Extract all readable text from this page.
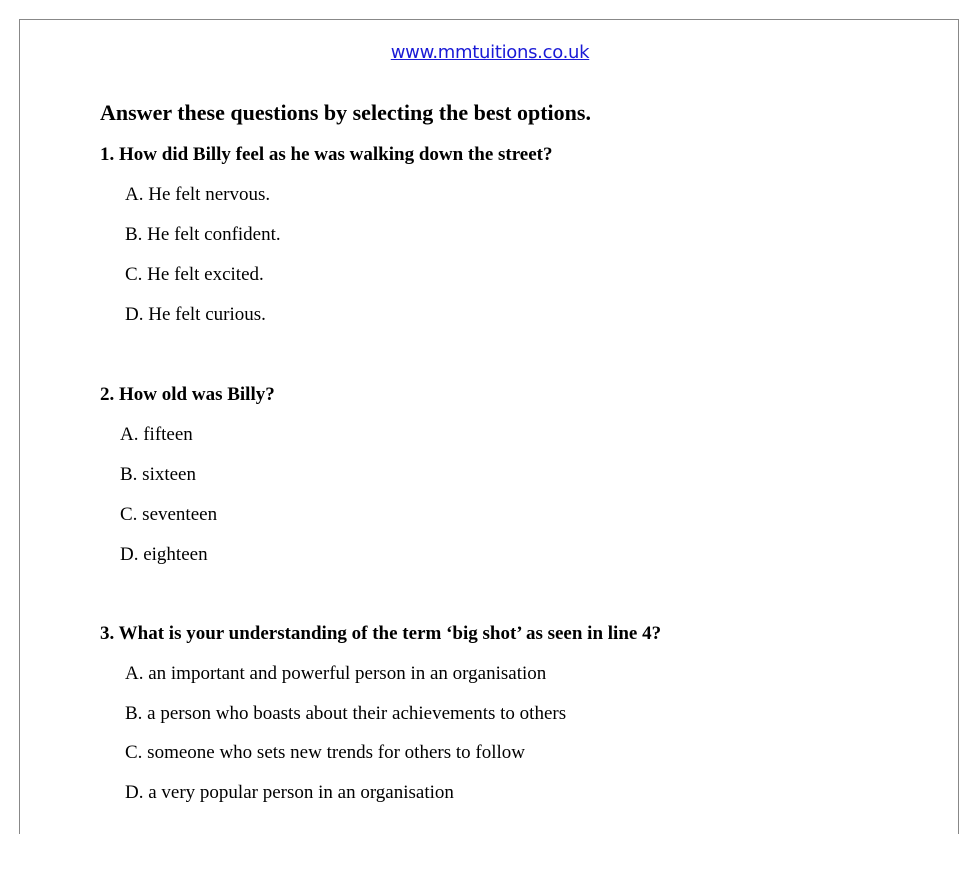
www.mmtuitions.co.uk
Answer these questions by selecting the best options.
1. How did Billy feel as he was walking down the street?
A. He felt nervous.
B. He felt confident.
C. He felt excited.
D. He felt curious.
2. How old was Billy?
A. fifteen
B. sixteen
C. seventeen
D. eighteen
3. What is your understanding of the term ‘big shot’ as seen in line 4?
A. an important and powerful person in an organisation
B. a person who boasts about their achievements to others
C. someone who sets new trends for others to follow
D. a very popular person in an organisation
